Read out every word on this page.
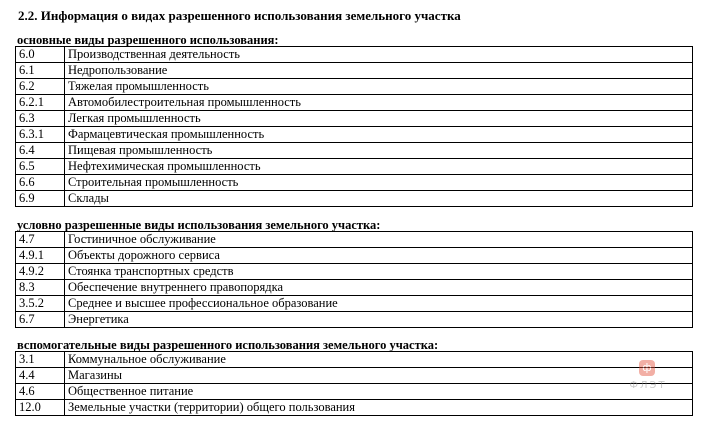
2.2. Информация о видах разрешенного использования земельного участка
основные виды разрешенного использования:
6.0	Производственная деятельность
6.1	Недропользование
6.2	Тяжелая промышленность
6.2.1	Автомобилестроительная промышленность
6.3	Легкая промышленность
6.3.1	Фармацевтическая промышленность
6.4	Пищевая промышленность
6.5	Нефтехимическая промышленность
6.6	Строительная промышленность
6.9	Склады
условно разрешенные виды использования земельного участка:
4.7	Гостиничное обслуживание
4.9.1	Объекты дорожного сервиса
4.9.2	Стоянка транспортных средств
8.3	Обеспечение внутреннего правопорядка
3.5.2	Среднее и высшее профессиональное образование
6.7	Энергетика
вспомогательные виды разрешенного использования земельного участка:
3.1	Коммунальное обслуживание
4.4	Магазины
4.6	Общественное питание
12.0	Земельные участки (территории) общего пользования
ф
ФЛЭТ
